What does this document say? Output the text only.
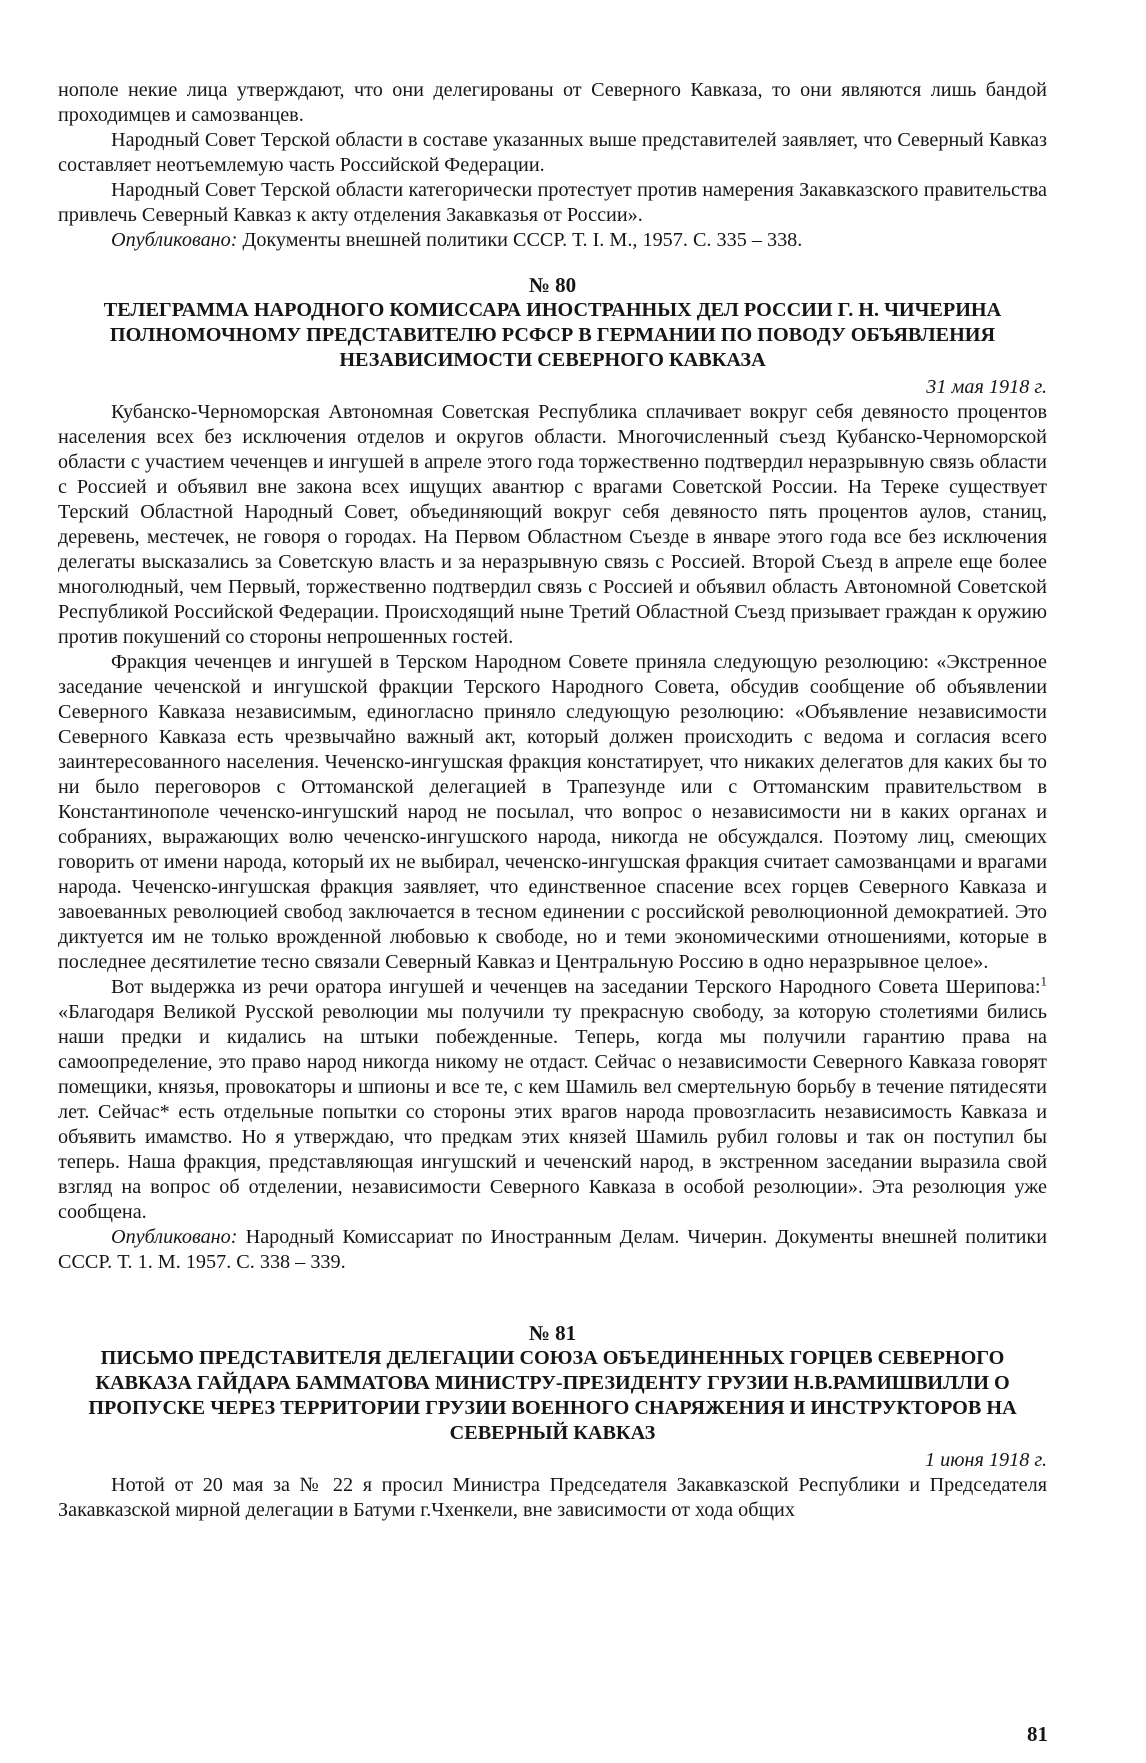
нополе некие лица утверждают, что они делегированы от Северного Кавказа, то они являются лишь бандой проходимцев и самозванцев.

Народный Совет Терской области в составе указанных выше представителей заявляет, что Северный Кавказ составляет неотъемлемую часть Российской Федерации.

Народный Совет Терской области категорически протестует против намерения Закавказского правительства привлечь Северный Кавказ к акту отделения Закавказья от России».

Опубликовано: Документы внешней политики СССР. Т. I. М., 1957. С. 335 – 338.

№ 80
ТЕЛЕГРАММА НАРОДНОГО КОМИССАРА ИНОСТРАННЫХ ДЕЛ РОССИИ Г. Н. ЧИЧЕРИНА ПОЛНОМОЧНОМУ ПРЕДСТАВИТЕЛЮ РСФСР В ГЕРМАНИИ ПО ПОВОДУ ОБЪЯВЛЕНИЯ НЕЗАВИСИМОСТИ СЕВЕРНОГО КАВКАЗА
31 мая 1918 г.

Кубанско-Черноморская Автономная Советская Республика сплачивает вокруг себя девяносто процентов населения всех без исключения отделов и округов области. Многочисленный съезд Кубанско-Черноморской области с участием чеченцев и ингушей в апреле этого года торжественно подтвердил неразрывную связь области с Россией и объявил вне закона всех ищущих авантюр с врагами Советской России. На Тереке существует Терский Областной Народный Совет, объединяющий вокруг себя девяносто пять процентов аулов, станиц, деревень, местечек, не говоря о городах. На Первом Областном Съезде в январе этого года все без исключения делегаты высказались за Советскую власть и за неразрывную связь с Россией. Второй Съезд в апреле еще более многолюдный, чем Первый, торжественно подтвердил связь с Россией и объявил область Автономной Советской Республикой Российской Федерации. Происходящий ныне Третий Областной Съезд призывает граждан к оружию против покушений со стороны непрошенных гостей.

Фракция чеченцев и ингушей в Терском Народном Совете приняла следующую резолюцию: «Экстренное заседание чеченской и ингушской фракции Терского Народного Совета, обсудив сообщение об объявлении Северного Кавказа независимым, единогласно приняло следующую резолюцию: «Объявление независимости Северного Кавказа есть чрезвычайно важный акт, который должен происходить с ведома и согласия всего заинтересованного населения. Чеченско-ингушская фракция констатирует, что никаких делегатов для каких бы то ни было переговоров с Оттоманской делегацией в Трапезунде или с Оттоманским правительством в Константинополе чеченско-ингушский народ не посылал, что вопрос о независимости ни в каких органах и собраниях, выражающих волю чеченско-ингушского народа, никогда не обсуждался. Поэтому лиц, смеющих говорить от имени народа, который их не выбирал, чеченско-ингушская фракция считает самозванцами и врагами народа. Чеченско-ингушская фракция заявляет, что единственное спасение всех горцев Северного Кавказа и завоеванных революцией свобод заключается в тесном единении с российской революционной демократией. Это диктуется им не только врожденной любовью к свободе, но и теми экономическими отношениями, которые в последнее десятилетие тесно связали Северный Кавказ и Центральную Россию в одно неразрывное целое».

Вот выдержка из речи оратора ингушей и чеченцев на заседании Терского Народного Совета Шерипова:$^1$ «Благодаря Великой Русской революции мы получили ту прекрасную свободу, за которую столетиями бились наши предки и кидались на штыки побежденные. Теперь, когда мы получили гарантию права на самоопределение, это право народ никогда никому не отдаст. Сейчас о независимости Северного Кавказа говорят помещики, князья, провокаторы и шпионы и все те, с кем Шамиль вел смертельную борьбу в течение пятидесяти лет. Сейчас* есть отдельные попытки со стороны этих врагов народа провозгласить независимость Кавказа и объявить имамство. Но я утверждаю, что предкам этих князей Шамиль рубил головы и так он поступил бы теперь. Наша фракция, представляющая ингушский и чеченский народ, в экстренном заседании выразила свой взгляд на вопрос об отделении, независимости Северного Кавказа в особой резолюции». Эта резолюция уже сообщена.

Опубликовано: Народный Комиссариат по Иностранным Делам. Чичерин. Документы внешней политики СССР. Т. 1. М. 1957. С. 338 – 339.

№ 81
ПИСЬМО ПРЕДСТАВИТЕЛЯ ДЕЛЕГАЦИИ СОЮЗА ОБЪЕДИНЕННЫХ ГОРЦЕВ СЕВЕРНОГО КАВКАЗА ГАЙДАРА БАММАТОВА МИНИСТРУ-ПРЕЗИДЕНТУ ГРУЗИИ Н.В.РАМИШВИЛЛИ О ПРОПУСКЕ ЧЕРЕЗ ТЕРРИТОРИИ ГРУЗИИ ВОЕННОГО СНАРЯЖЕНИЯ И ИНСТРУКТОРОВ НА СЕВЕРНЫЙ КАВКАЗ
1 июня 1918 г.

Нотой от 20 мая за № 22 я просил Министра Председателя Закавказской Республики и Председателя Закавказской мирной делегации в Батуми г.Чхенкели, вне зависимости от хода общих

81
